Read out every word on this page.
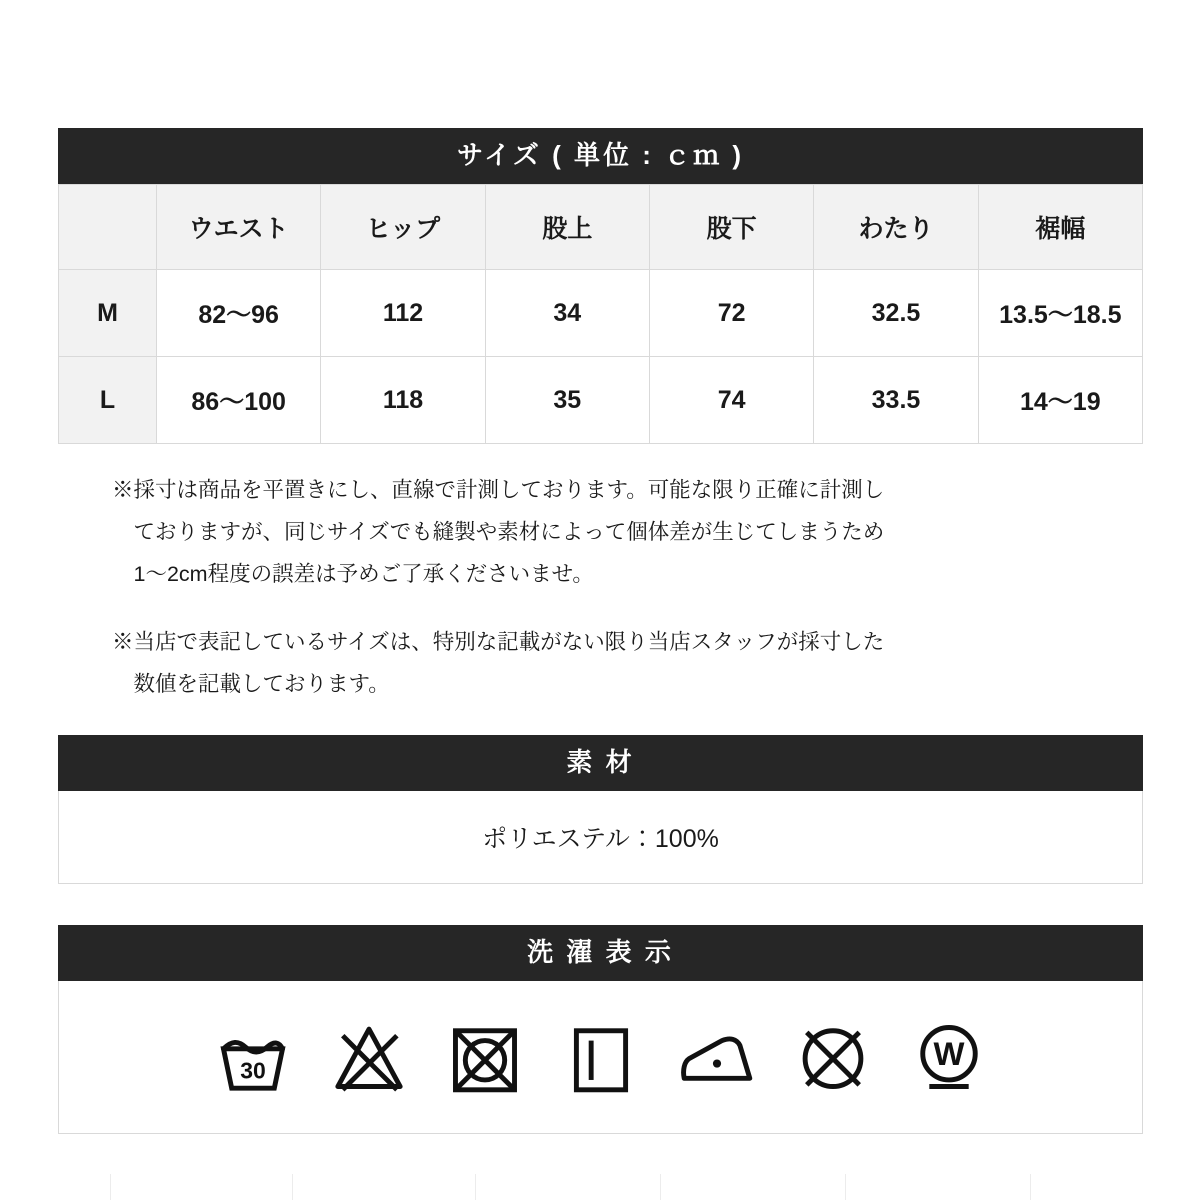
サイズ ( 単位 : ｃｍ )
	ウエスト	ヒップ	股上	股下	わたり	裾幅
M	82〜96	112	34	72	32.5	13.5〜18.5
L	86〜100	118	35	74	33.5	14〜19

※採寸は商品を平置きにし、直線で計測しております。可能な限り正確に計測し
ておりますが、同じサイズでも縫製や素材によって個体差が生じてしまうため
1〜2cm程度の誤差は予めご了承くださいませ。

※当店で表記しているサイズは、特別な記載がない限り当店スタッフが採寸した
数値を記載しております。

素 材
ポリエステル：100%
洗 濯 表 示
30	W
